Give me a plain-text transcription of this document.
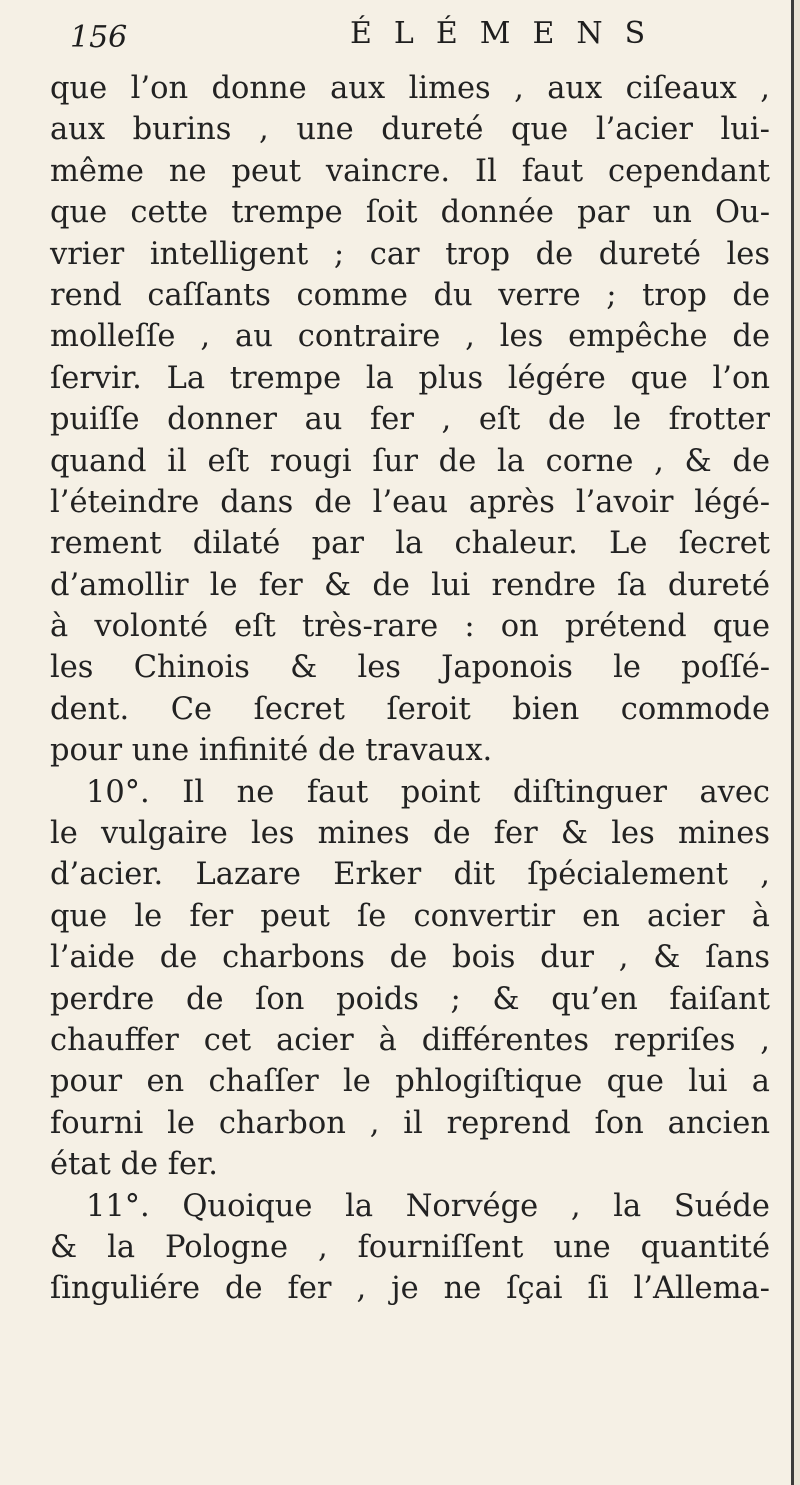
156	ÉLÉMENS
que l’on donne aux limes , aux ciſeaux ,
aux burins , une dureté que l’acier lui-
même ne peut vaincre. Il faut cependant
que cette trempe ſoit donnée par un Ou-
vrier intelligent ; car trop de dureté les
rend caſſants comme du verre ; trop de
molleſſe , au contraire , les empêche de
ſervir. La trempe la plus légére que l’on
puiſſe donner au fer , eſt de le frotter
quand il eſt rougi ſur de la corne , & de
l’éteindre dans de l’eau après l’avoir légé-
rement dilaté par la chaleur. Le ſecret
d’amollir le fer & de lui rendre ſa dureté
à volonté eſt très-rare : on prétend que
les Chinois & les Japonois le poſſé-
dent. Ce ſecret ſeroit bien commode
pour une infinité de travaux.
10°. Il ne faut point diſtinguer avec
le vulgaire les mines de fer & les mines
d’acier. Lazare Erker dit ſpécialement ,
que le fer peut ſe convertir en acier à
l’aide de charbons de bois dur , & ſans
perdre de ſon poids ; & qu’en faiſant
chauffer cet acier à différentes repriſes ,
pour en chaſſer le phlogiſtique que lui a
fourni le charbon , il reprend ſon ancien
état de fer.
11°. Quoique la Norvége , la Suéde
& la Pologne , fourniſſent une quantité
ſinguliére de fer , je ne ſçai ſi l’Allema-
